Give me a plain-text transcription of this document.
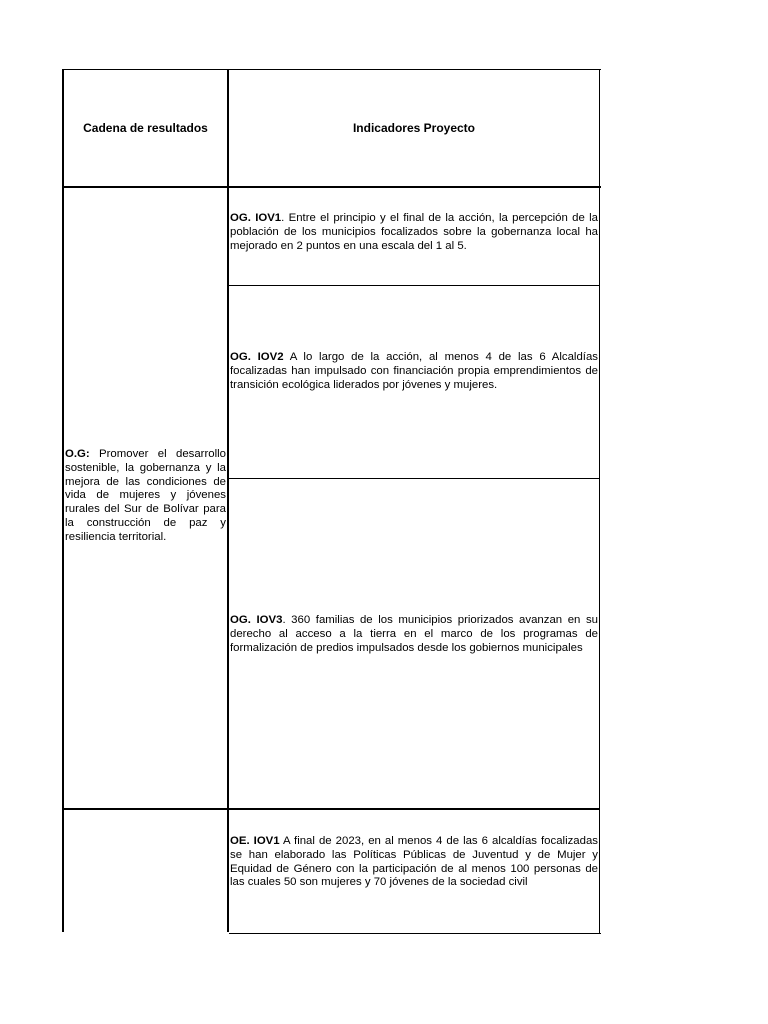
Cadena de resultados	Indicadores Proyecto
O.G: Promover el desarrollo sostenible, la gobernanza y la mejora de las condiciones de vida de mujeres y jóvenes rurales del Sur de Bolívar para la construcción de paz y resiliencia territorial.
OG. IOV1. Entre el principio y el final de la acción, la percepción de la población de los municipios focalizados sobre la gobernanza local ha mejorado en 2 puntos en una escala del 1 al 5.
OG. IOV2 A lo largo de la acción, al menos 4 de las 6 Alcaldías focalizadas han impulsado con financiación propia emprendimientos de transición ecológica liderados por jóvenes y mujeres.
OG. IOV3. 360 familias de los municipios priorizados avanzan en su derecho al acceso a la tierra en el marco de los programas de formalización de predios impulsados desde los gobiernos municipales
OE. IOV1 A final de 2023, en al menos 4 de las 6 alcaldías focalizadas se han elaborado las Políticas Públicas de Juventud y de Mujer y Equidad de Género con la participación de al menos 100 personas de las cuales 50 son mujeres y 70 jóvenes de la sociedad civil
